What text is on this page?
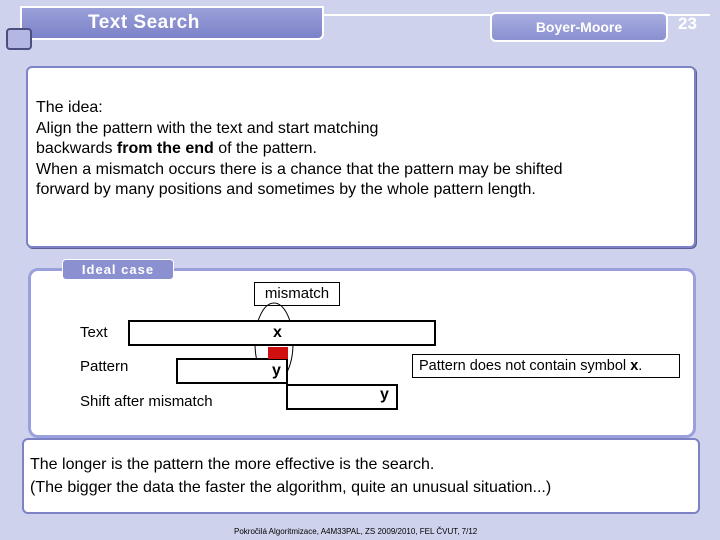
Text Search	Boyer-Moore	23
The idea:
Align the pattern with the text and start matching
backwards from the end of the pattern.
When a mismatch occurs there is a chance that the pattern may be shifted
forward by many positions and sometimes by the whole pattern length.
Ideal case
mismatch
Text	x
Pattern	y	Pattern does not contain symbol x.
Shift after mismatch	y
The longer is the pattern the more effective is the search.
(The bigger the data the faster the algorithm, quite an unusual situation...)
Pokročilá Algoritmizace, A4M33PAL, ZS 2009/2010, FEL ČVUT, 7/12
